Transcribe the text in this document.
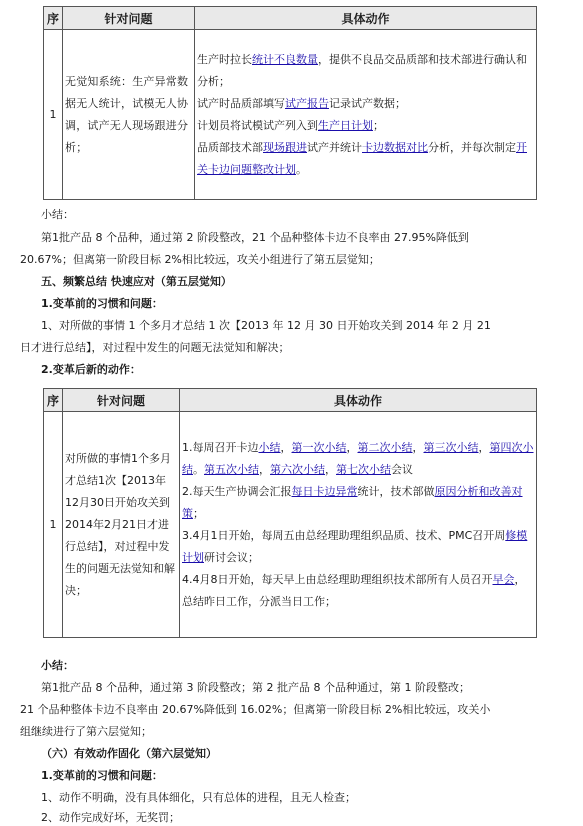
序	针对问题	具体动作
1	无觉知系统：生产异常数据无人统计，试模无人协调，试产无人现场跟进分析；	生产时拉长统计不良数量，提供不良品交品质部和技术部进行确认和分析；
试产时品质部填写试产报告记录试产数据；
计划员将试模试产列入到生产日计划；
品质部技术部现场跟进试产并统计卡边数据对比分析，并每次制定开关卡边问题整改计划。
小结：
第1批产品 8 个品种，通过第 2 阶段整改，21 个品种整体卡边不良率由 27.95%降低到
20.67%；但离第一阶段目标 2%相比较远，攻关小组进行了第五层觉知；
五、频繁总结 快速应对（第五层觉知）
1.变革前的习惯和问题：
1、对所做的事情 1 个多月才总结 1 次【2013 年 12 月 30 日开始攻关到 2014 年 2 月 21
日才进行总结】，对过程中发生的问题无法觉知和解决；
2.变革后新的动作：
序	针对问题	具体动作
1	对所做的事情1个多月才总结1次【2013年12月30日开始攻关到2014年2月21日才进行总结】，对过程中发生的问题无法觉知和解决；	1.每周召开卡边小结，第一次小结，第二次小结，第三次小结，第四次小结。第五次小结，第六次小结，第七次小结会议
2.每天生产协调会汇报每日卡边异常统计，技术部做原因分析和改善对策；
3.4月1日开始，每周五由总经理助理组织品质、技术、PMC召开周修模计划研讨会议；
4.4月8日开始，每天早上由总经理助理组织技术部所有人员召开早会，总结昨日工作，分派当日工作；
小结：
第1批产品 8 个品种，通过第 3 阶段整改；第 2 批产品 8 个品种通过，第 1 阶段整改；
21 个品种整体卡边不良率由 20.67%降低到 16.02%；但离第一阶段目标 2%相比较远，攻关小
组继续进行了第六层觉知；
（六）有效动作固化（第六层觉知）
1.变革前的习惯和问题：
1、动作不明确，没有具体细化，只有总体的进程，且无人检查；
2、动作完成好坏，无奖罚；
